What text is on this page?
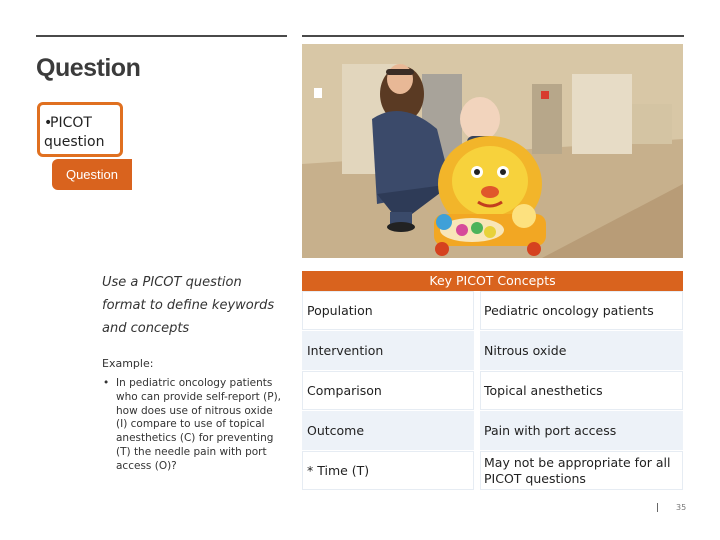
Question
•PICOT question
Question
Use a PICOT question format to define keywords and concepts
Example:
• In pediatric oncology patients who can provide self-report (P), how does use of nitrous oxide (I) compare to use of topical anesthetics (C) for preventing (T) the needle pain with port access (O)?
Key PICOT Concepts
Population	Pediatric oncology patients
Intervention	Nitrous oxide
Comparison	Topical anesthetics
Outcome	Pain with port access
* Time (T)	May not be appropriate for all PICOT questions
35
